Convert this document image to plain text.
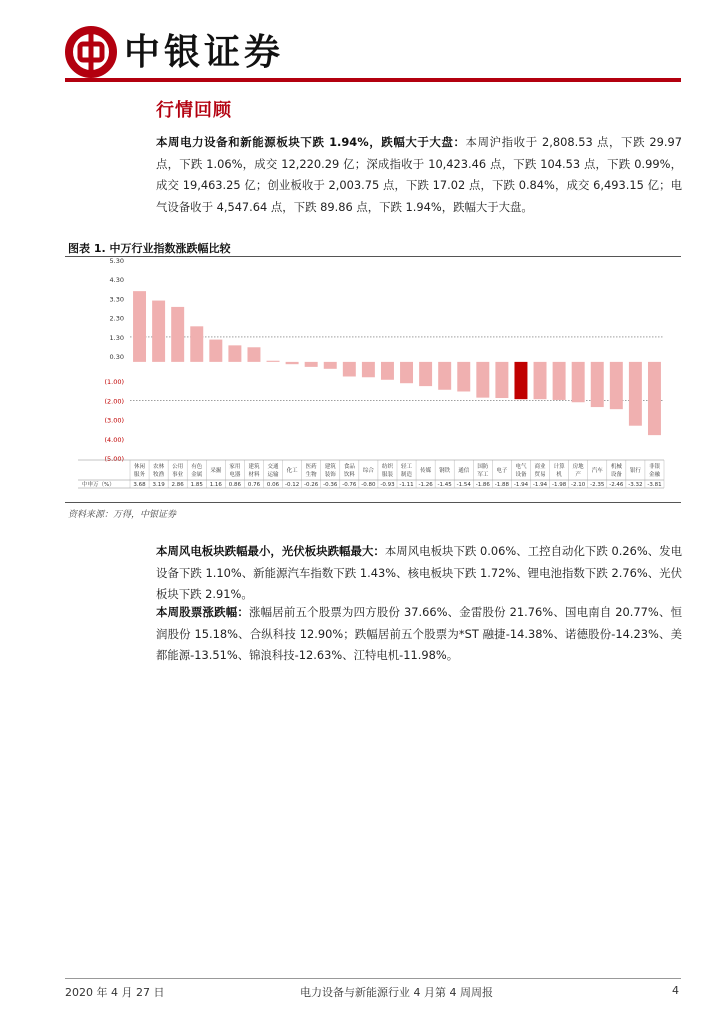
中银证券
行情回顾
本周电力设备和新能源板块下跌 1.94%，跌幅大于大盘：本周沪指收于 2,808.53 点，下跌 29.97 点，下跌 1.06%，成交 12,220.29 亿；深成指收于 10,423.46 点，下跌 104.53 点，下跌 0.99%，成交 19,463.25 亿；创业板收于 2,003.75 点，下跌 17.02 点，下跌 0.84%，成交 6,493.15 亿；电气设备收于 4,547.64 点，下跌 89.86 点，下跌 1.94%，跌幅大于大盘。
图表 1. 中万行业指数涨跌幅比较
5.30
4.30
3.30
2.30
1.30
0.30
(1.00)
(2.00)
(3.00)
(4.00)
(5.00)
中申万（%）
休闲服务
3.68
农林牧渔
3.19
公用事业
2.86
有色金属
1.85
采掘
1.16
家用电器
0.86
建筑材料
0.76
交通运输
0.06
化工
-0.12
医药生物
-0.26
建筑装饰
-0.36
食品饮料
-0.76
综合
-0.80
纺织服装
-0.93
轻工制造
-1.11
传媒
-1.26
钢铁
-1.45
通信
-1.54
国防军工
-1.86
电子
-1.88
电气设备
-1.94
商业贸易
-1.94
计算机
-1.98
房地产
-2.10
汽车
-2.35
机械设备
-2.46
银行
-3.32
非银金融
-3.81
资料来源：万得，中银证券
本周风电板块跌幅最小，光伏板块跌幅最大：本周风电板块下跌 0.06%、工控自动化下跌 0.26%、发电设备下跌 1.10%、新能源汽车指数下跌 1.43%、核电板块下跌 1.72%、锂电池指数下跌 2.76%、光伏板块下跌 2.91%。
本周股票涨跌幅：涨幅居前五个股票为四方股份 37.66%、金雷股份 21.76%、国电南自 20.77%、恒润股份 15.18%、合纵科技 12.90%；跌幅居前五个股票为*ST 融捷-14.38%、诺德股份-14.23%、美都能源-13.51%、锦浪科技-12.63%、江特电机-11.98%。
2020 年 4 月 27 日	电力设备与新能源行业 4 月第 4 周周报	4
